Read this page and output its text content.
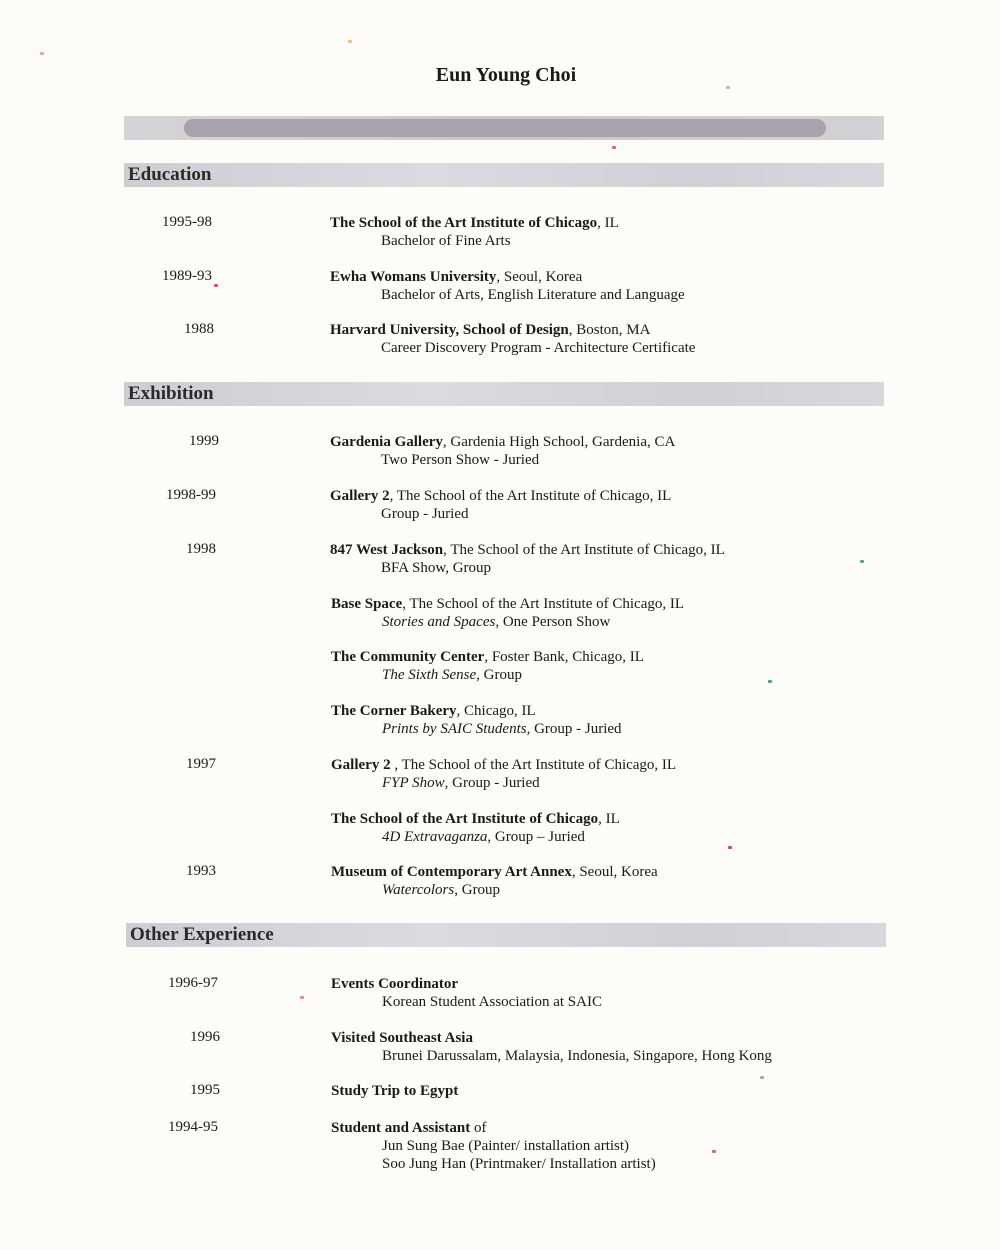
Eun Young Choi
Education
1995-98	The School of the Art Institute of Chicago, IL
Bachelor of Fine Arts
1989-93	Ewha Womans University, Seoul, Korea
Bachelor of Arts, English Literature and Language
1988	Harvard University, School of Design, Boston, MA
Career Discovery Program - Architecture Certificate
Exhibition
1999	Gardenia Gallery, Gardenia High School, Gardenia, CA
Two Person Show - Juried
1998-99	Gallery 2, The School of the Art Institute of Chicago, IL
Group - Juried
1998	847 West Jackson, The School of the Art Institute of Chicago, IL
BFA Show, Group
Base Space, The School of the Art Institute of Chicago, IL
Stories and Spaces, One Person Show
The Community Center, Foster Bank, Chicago, IL
The Sixth Sense, Group
The Corner Bakery, Chicago, IL
Prints by SAIC Students, Group - Juried
1997	Gallery 2 , The School of the Art Institute of Chicago, IL
FYP Show, Group - Juried
The School of the Art Institute of Chicago, IL
4D Extravaganza, Group – Juried
1993	Museum of Contemporary Art Annex, Seoul, Korea
Watercolors, Group
Other Experience
1996-97	Events Coordinator
Korean Student Association at SAIC
1996	Visited Southeast Asia
Brunei Darussalam, Malaysia, Indonesia, Singapore, Hong Kong
1995	Study Trip to Egypt
1994-95	Student and Assistant of
Jun Sung Bae (Painter/ installation artist)
Soo Jung Han (Printmaker/ Installation artist)
